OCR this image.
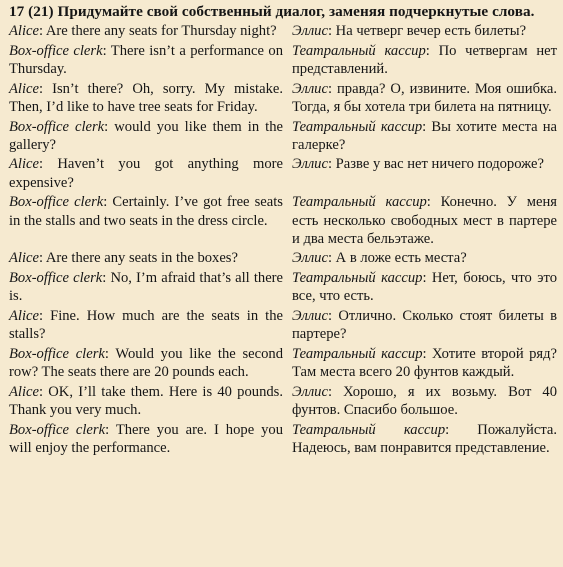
17 (21) Придумайте свой собственный диалог, заменяя подчеркнутые слова.
Alice : Are there any seats for Thursday night?	Эллис : На четверг вечер есть билеты?
Box-office clerk : There isn’t a performance on Thursday.
Театральный кассир : По четвергам нет представлений.
Alice : Isn’t there? Oh, sorry. My mistake. Then, I’d like to have tree seats for Friday.
Эллис : правда? О, извините. Моя ошибка. Тогда, я бы хотела три билета на пятницу.
Box-office clerk : would you like them in the gallery?
Театральный кассир : Вы хотите места на галерке?
Alice : Haven’t you got anything more expensive?
Эллис : Разве у вас нет ничего подороже?
Box-office clerk : Certainly. I’ve got free seats in the stalls and two seats in the dress circle.
Театральный кассир : Конечно. У меня есть несколько свободных мест в партере и два места бельэтаже.
Alice : Are there any seats in the boxes?	Эллис : А в ложе есть места?
Box-office clerk : No, I’m afraid that’s all there is.
Театральный кассир : Нет, боюсь, что это все, что есть.
Alice : Fine. How much are the seats in the stalls?
Эллис : Отлично. Сколько стоят билеты в партере?
Box-office clerk : Would you like the second row? The seats there are 20 pounds each.
Театральный кассир : Хотите второй ряд? Там места всего 20 фунтов каждый.
Alice : OK, I’ll take them. Here is 40 pounds. Thank you very much.
Эллис : Хорошо, я их возьму. Вот 40 фунтов. Спасибо большое.
Box-office clerk : There you are. I hope you will enjoy the performance.
Театральный кассир : Пожалуйста. Надеюсь, вам понравится представление.
